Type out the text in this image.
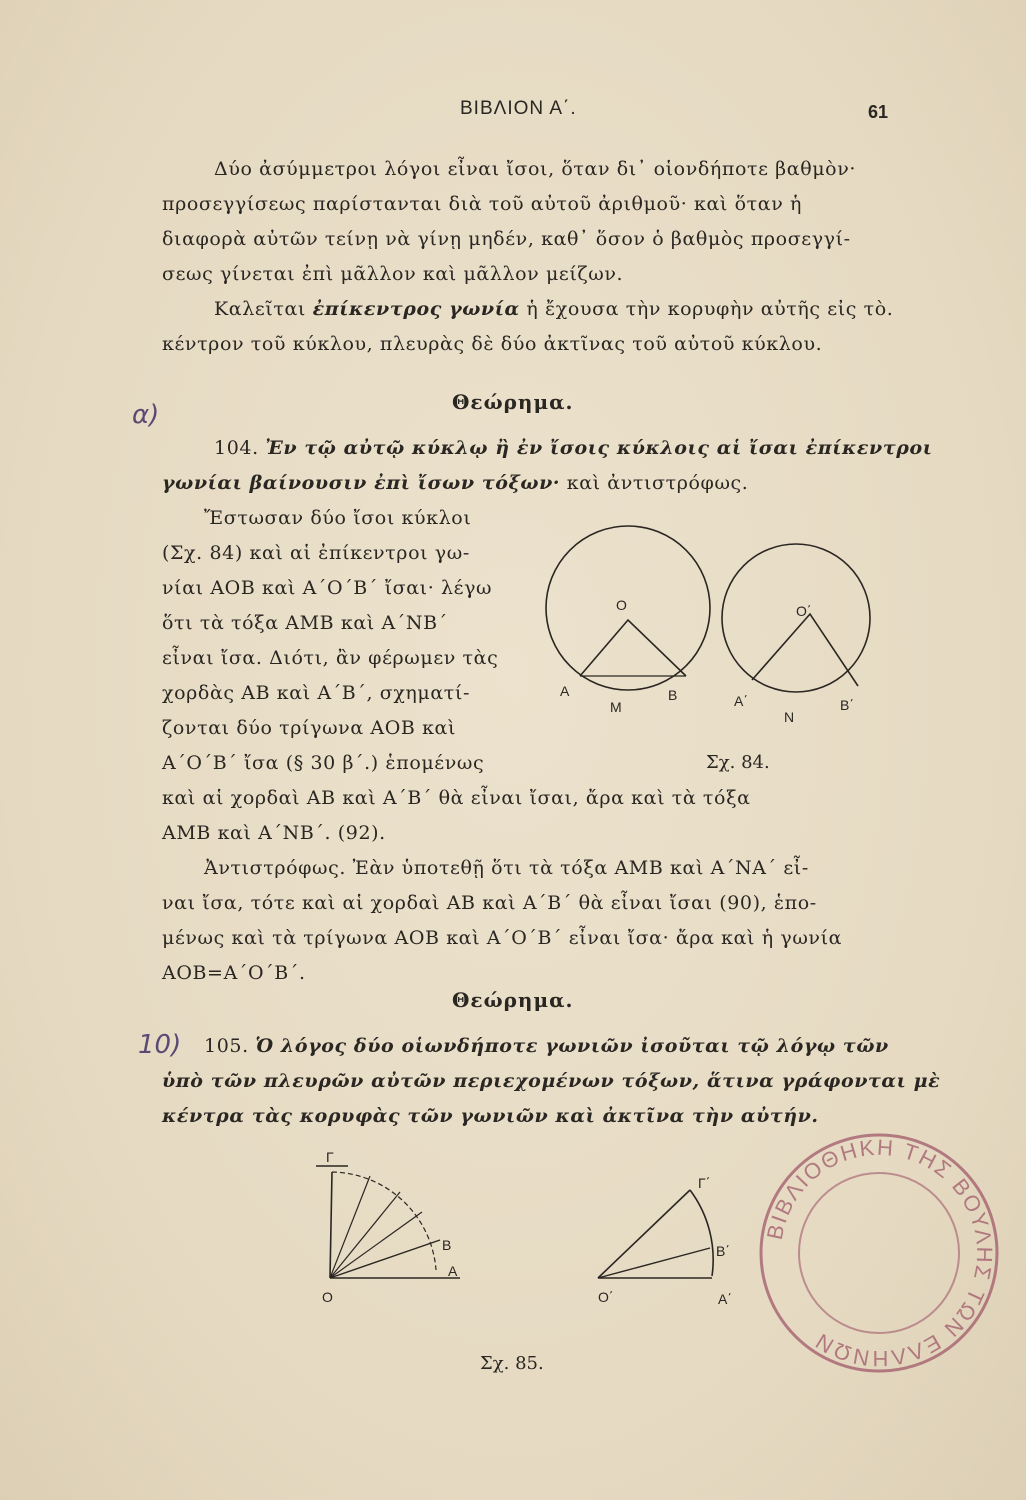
ΒΙΒΛΙΟΝ Α΄.	61
Δύο ἀσύμμετροι λόγοι εἶναι ἴσοι, ὅταν δι᾽ οἱονδήποτε βαθμὸν·
προσεγγίσεως παρίστανται διὰ τοῦ αὐτοῦ ἀριθμοῦ· καὶ ὅταν ἡ
διαφορὰ αὐτῶν τείνῃ νὰ γίνῃ μηδέν, καθ᾽ ὅσον ὁ βαθμὸς προσεγγί-
σεως γίνεται ἐπὶ μᾶλλον καὶ μᾶλλον μείζων.
Καλεῖται ἐπίκεντρος γωνία ἡ ἔχουσα τὴν κορυφὴν αὐτῆς εἰς τὸ.
κέντρον τοῦ κύκλου, πλευρὰς δὲ δύο ἀκτῖνας τοῦ αὐτοῦ κύκλου.
α)	Θεώρημα.
104. Ἐν τῷ αὐτῷ κύκλῳ ἢ ἐν ἴσοις κύκλοις αἱ ἴσαι ἐπίκεντροι
γωνίαι βαίνουσιν ἐπὶ ἴσων τόξων· καὶ ἀντιστρόφως.
Ἔστωσαν δύο ἴσοι κύκλοι
(Σχ. 84) καὶ αἱ ἐπίκεντροι γω-
νίαι ΑΟΒ καὶ Α΄Ο΄Β΄ ἴσαι· λέγω
ὅτι τὰ τόξα ΑΜΒ καὶ Α΄ΝΒ΄
εἶναι ἴσα. Διότι, ἂν φέρωμεν τὰς
χορδὰς ΑΒ καὶ Α΄Β΄, σχηματί-
ζονται δύο τρίγωνα ΑΟΒ καὶ
Α΄Ο΄Β΄ ἴσα (§ 30 β΄.) ἑπομένως
O
A
M
B
O΄
A΄
N
B΄
Σχ. 84.
καὶ αἱ χορδαὶ ΑΒ καὶ Α΄Β΄ θὰ εἶναι ἴσαι, ἄρα καὶ τὰ τόξα
ΑΜΒ καὶ Α΄ΝΒ΄. (92).
Ἀντιστρόφως. Ἐὰν ὑποτεθῇ ὅτι τὰ τόξα ΑΜΒ καὶ Α΄ΝΑ΄ εἶ-
ναι ἴσα, τότε καὶ αἱ χορδαὶ ΑΒ καὶ Α΄Β΄ θὰ εἶναι ἴσαι (90), ἑπο-
μένως καὶ τὰ τρίγωνα ΑΟΒ καὶ Α΄Ο΄Β΄ εἶναι ἴσα· ἄρα καὶ ἡ γωνία
ΑΟΒ=Α΄Ο΄Β΄.
Θεώρημα.
10) 105. Ὁ λόγος δύο οἱωνδήποτε γωνιῶν ἰσοῦται τῷ λόγῳ τῶν
ὑπὸ τῶν πλευρῶν αὐτῶν περιεχομένων τόξων, ἅτινα γράφονται μὲ
κέντρα τὰς κορυφὰς τῶν γωνιῶν καὶ ἀκτῖνα τὴν αὐτήν.
Γ
B
O
A
Γ΄
B΄
O΄	A΄
Σχ. 85.
ΒΙΒΛΙΟΘΗΚΗ ΤΗΣ ΒΟΥΛΗΣ ΤΩΝ ΕΛΛΗΝΩΝ
